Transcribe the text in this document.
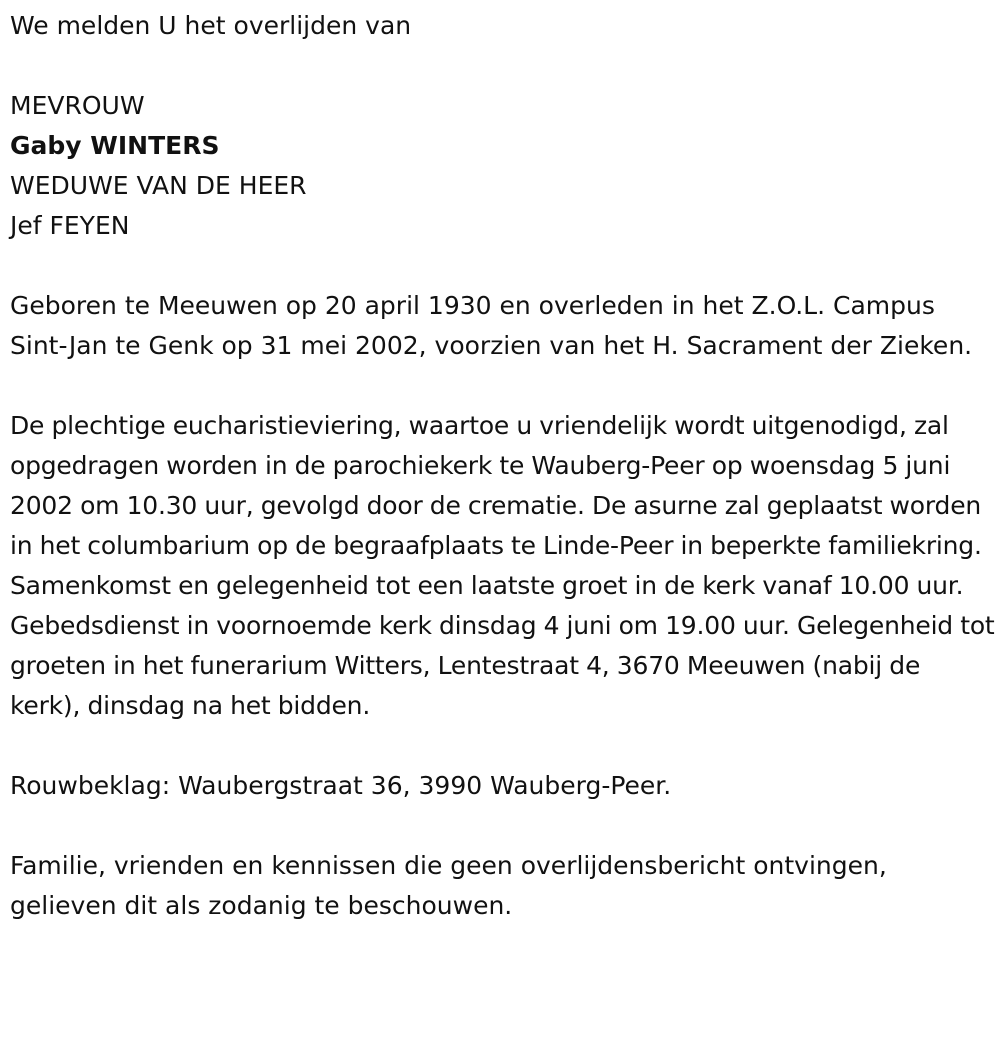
We melden U het overlijden van

MEVROUW

Gaby WINTERS

WEDUWE VAN DE HEER

Jef FEYEN

Geboren te Meeuwen op 20 april 1930 en overleden in het Z.O.L. Campus Sint-Jan te Genk op 31 mei 2002, voorzien van het H. Sacrament der Zieken.

De plechtige eucharistieviering, waartoe u vriendelijk wordt uitgenodigd, zal opgedragen worden in de parochiekerk te Wauberg-Peer op woensdag 5 juni 2002 om 10.30 uur, gevolgd door de crematie. De asurne zal geplaatst worden in het columbarium op de begraafplaats te Linde-Peer in beperkte familiekring. Samenkomst en gelegenheid tot een laatste groet in de kerk vanaf 10.00 uur. Gebedsdienst in voornoemde kerk dinsdag 4 juni om 19.00 uur. Gelegenheid tot groeten in het funerarium Witters, Lentestraat 4, 3670 Meeuwen (nabij de kerk), dinsdag na het bidden.

Rouwbeklag: Waubergstraat 36, 3990 Wauberg-Peer.

Familie, vrienden en kennissen die geen overlijdensbericht ontvingen, gelieven dit als zodanig te beschouwen.
